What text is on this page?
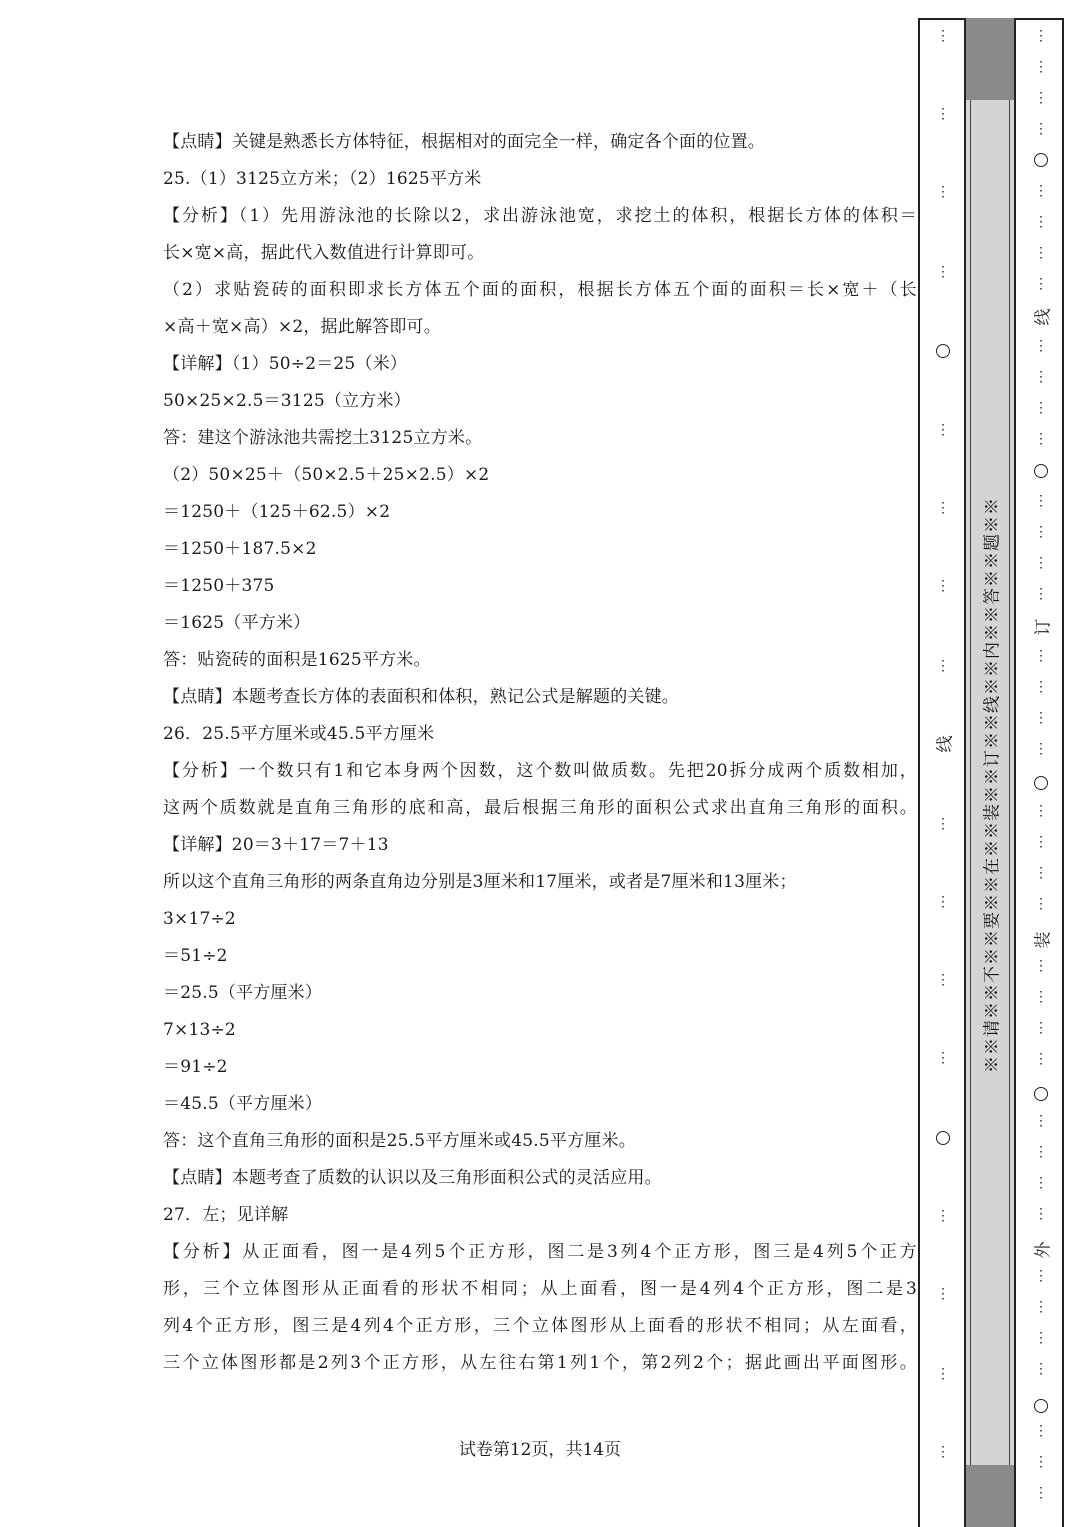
【点睛】关键是熟悉长方体特征，根据相对的面完全一样，确定各个面的位置。
25.（1）3125立方米；（2）1625平方米
【分析】（1）先用游泳池的长除以2，求出游泳池宽，求挖土的体积，根据长方体的体积＝
长×宽×高，据此代入数值进行计算即可。
（2）求贴瓷砖的面积即求长方体五个面的面积，根据长方体五个面的面积＝长×宽＋（长
×高＋宽×高）×2，据此解答即可。
【详解】（1）50÷2＝25（米）
50×25×2.5＝3125（立方米）
答：建这个游泳池共需挖土3125立方米。
（2）50×25＋（50×2.5＋25×2.5）×2
＝1250＋（125＋62.5）×2
＝1250＋187.5×2
＝1250＋375
＝1625（平方米）
答：贴瓷砖的面积是1625平方米。
【点睛】本题考查长方体的表面积和体积，熟记公式是解题的关键。
26．25.5平方厘米或45.5平方厘米
【分析】一个数只有1和它本身两个因数，这个数叫做质数。先把20拆分成两个质数相加，
这两个质数就是直角三角形的底和高，最后根据三角形的面积公式求出直角三角形的面积。
【详解】20＝3＋17＝7＋13
所以这个直角三角形的两条直角边分别是3厘米和17厘米，或者是7厘米和13厘米；
3×17÷2
＝51÷2
＝25.5（平方厘米）
7×13÷2
＝91÷2
＝45.5（平方厘米）
答：这个直角三角形的面积是25.5平方厘米或45.5平方厘米。
【点睛】本题考查了质数的认识以及三角形面积公式的灵活应用。
27．左；见详解
【分析】从正面看，图一是4列5个正方形，图二是3列4个正方形，图三是4列5个正方
形，三个立体图形从正面看的形状不相同；从上面看，图一是4列4个正方形，图二是3
列4个正方形，图三是4列4个正方形，三个立体图形从上面看的形状不相同；从左面看，
三个立体图形都是2列3个正方形，从左往右第1列1个，第2列2个；据此画出平面图形。
试卷第12页，共14页
※※请※※不※※要※※在※※装※※订※※线※※内※※答※※题※※
线
线
订
装
外
⋮
⋮
⋮
⋮
⋮
⋮
⋮
⋮
⋮
⋮
⋮
⋮
⋮
⋮
⋮
⋮
⋮
⋮
⋮
⋮
⋮
⋮
⋮
⋮
⋮
⋮
⋮
⋮
⋮
⋮
⋮
⋮
⋮
⋮
⋮
⋮
⋮
⋮
⋮
⋮
⋮
⋮
⋮
⋮
⋮
⋮
⋮
⋮
⋮
⋮
⋮
⋮
⋮
⋮
⋮
